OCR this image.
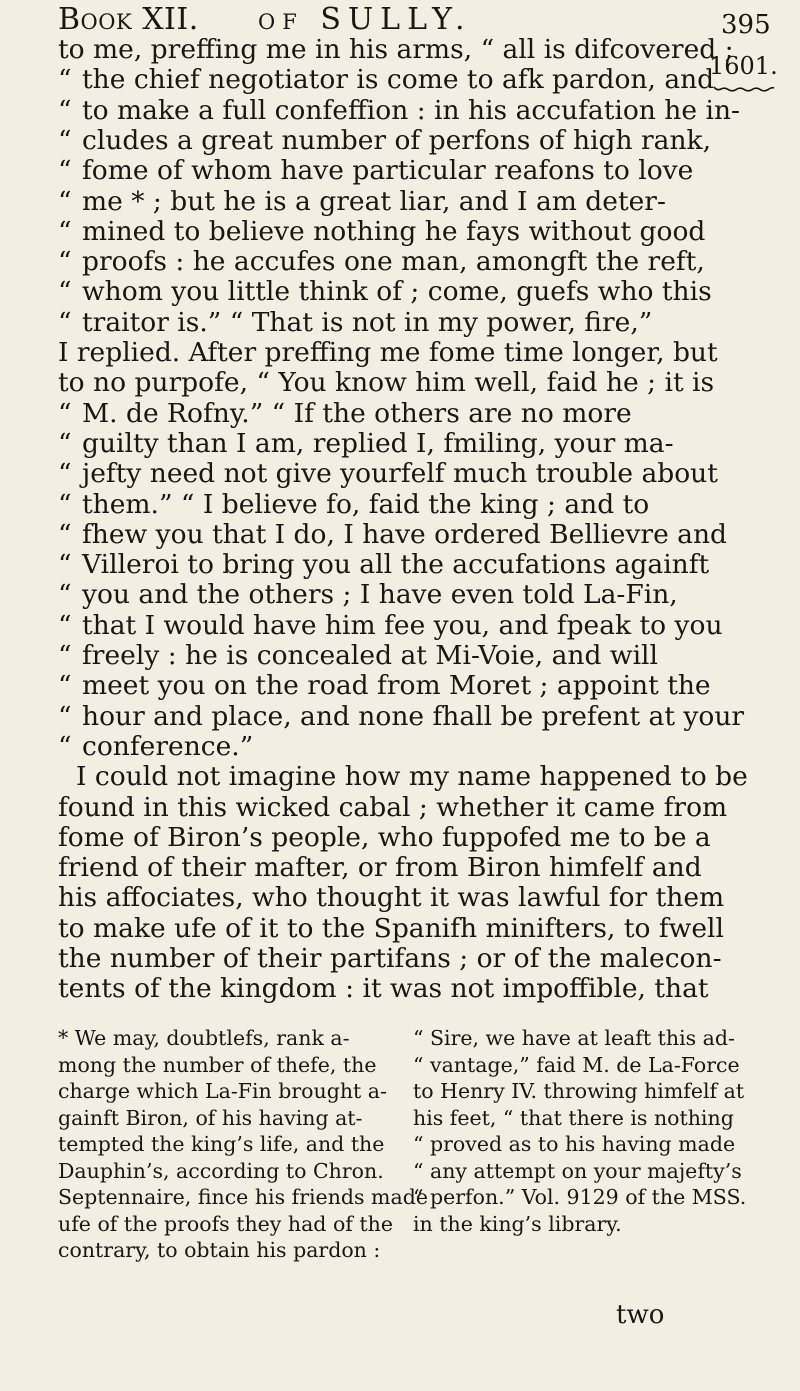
Book XII. of SULLY.	395
1601.
to me, preffing me in his arms, “ all is difcovered ;
“ the chief negotiator is come to afk pardon, and
“ to make a full confeffion : in his accufation he in-
“ cludes a great number of perfons of high rank,
“ fome of whom have particular reafons to love
“ me * ; but he is a great liar, and I am deter-
“ mined to believe nothing he fays without good
“ proofs : he accufes one man, amongft the reft,
“ whom you little think of ; come, guefs who this
“ traitor is.” “ That is not in my power, fire,”
I replied. After preffing me fome time longer, but
to no purpofe, “ You know him well, faid he ; it is
“ M. de Rofny.” “ If the others are no more
“ guilty than I am, replied I, fmiling, your ma-
“ jefty need not give yourfelf much trouble about
“ them.” “ I believe fo, faid the king ; and to
“ fhew you that I do, I have ordered Bellievre and
“ Villeroi to bring you all the accufations againft
“ you and the others ; I have even told La-Fin,
“ that I would have him fee you, and fpeak to you
“ freely : he is concealed at Mi-Voie, and will
“ meet you on the road from Moret ; appoint the
“ hour and place, and none fhall be prefent at your
“ conference.”
I could not imagine how my name happened to be
found in this wicked cabal ; whether it came from
fome of Biron’s people, who fuppofed me to be a
friend of their mafter, or from Biron himfelf and
his affociates, who thought it was lawful for them
to make ufe of it to the Spanifh minifters, to fwell
the number of their partifans ; or of the malecon-
tents of the kingdom : it was not impoffible, that
* We may, doubtlefs, rank a-
mong the number of thefe, the
charge which La-Fin brought a-
gainft Biron, of his having at-
tempted the king’s life, and the
Dauphin’s, according to Chron.
Septennaire, fince his friends made
ufe of the proofs they had of the
contrary, to obtain his pardon :
“ Sire, we have at leaft this ad-
“ vantage,” faid M. de La-Force
to Henry IV. throwing himfelf at
his feet, “ that there is nothing
“ proved as to his having made
“ any attempt on your majefty’s
“ perfon.” Vol. 9129 of the MSS.
in the king’s library.
two
